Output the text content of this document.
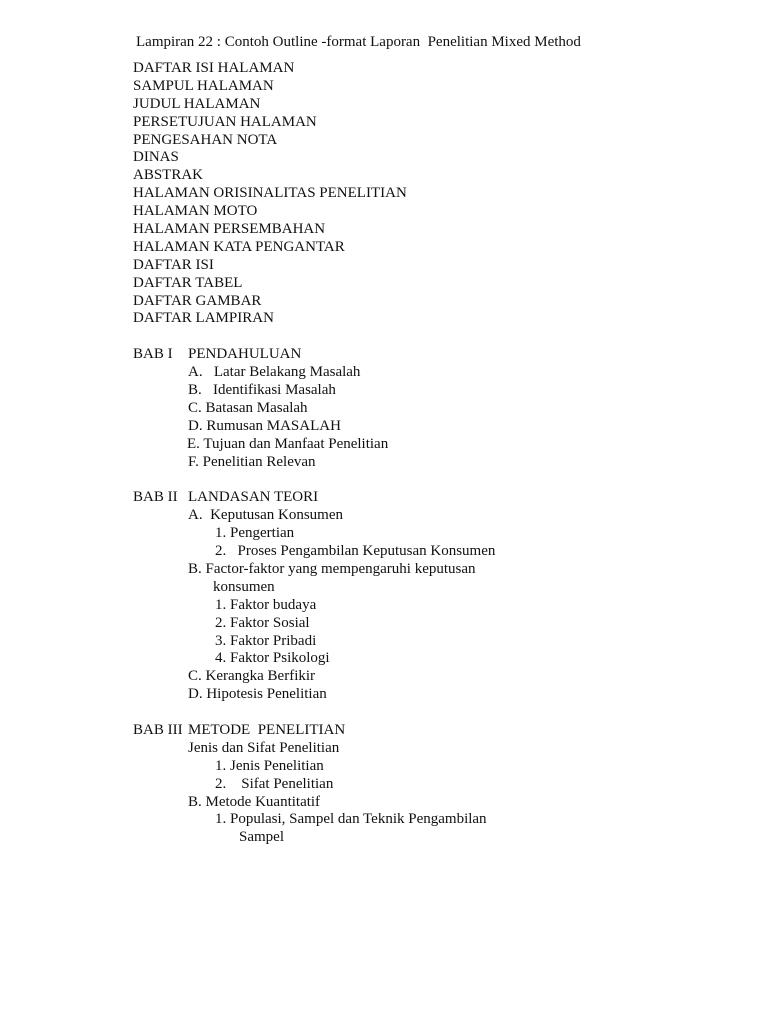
Lampiran 22 : Contoh Outline -format Laporan  Penelitian Mixed Method
DAFTAR ISI HALAMAN
SAMPUL HALAMAN
JUDUL HALAMAN
PERSETUJUAN HALAMAN
PENGESAHAN NOTA
DINAS
ABSTRAK
HALAMAN ORISINALITAS PENELITIAN
HALAMAN MOTO
HALAMAN PERSEMBAHAN
HALAMAN KATA PENGANTAR
DAFTAR ISI
DAFTAR TABEL
DAFTAR GAMBAR
DAFTAR LAMPIRAN

BAB I

PENDAHULUAN

A.   Latar Belakang Masalah
B.   Identifikasi Masalah
C. Batasan Masalah
D. Rumusan MASALAH
E. Tujuan dan Manfaat Penelitian
F. Penelitian Relevan

BAB II

LANDASAN TEORI

A.  Keputusan Konsumen
1. Pengertian
2.   Proses Pengambilan Keputusan Konsumen
B. Factor-faktor yang mempengaruhi keputusan
konsumen
1. Faktor budaya
2. Faktor Sosial
3. Faktor Pribadi
4. Faktor Psikologi
C. Kerangka Berfikir
D. Hipotesis Penelitian

BAB III

METODE  PENELITIAN

Jenis dan Sifat Penelitian
1. Jenis Penelitian
2.    Sifat Penelitian
B. Metode Kuantitatif
1. Populasi, Sampel dan Teknik Pengambilan
Sampel
